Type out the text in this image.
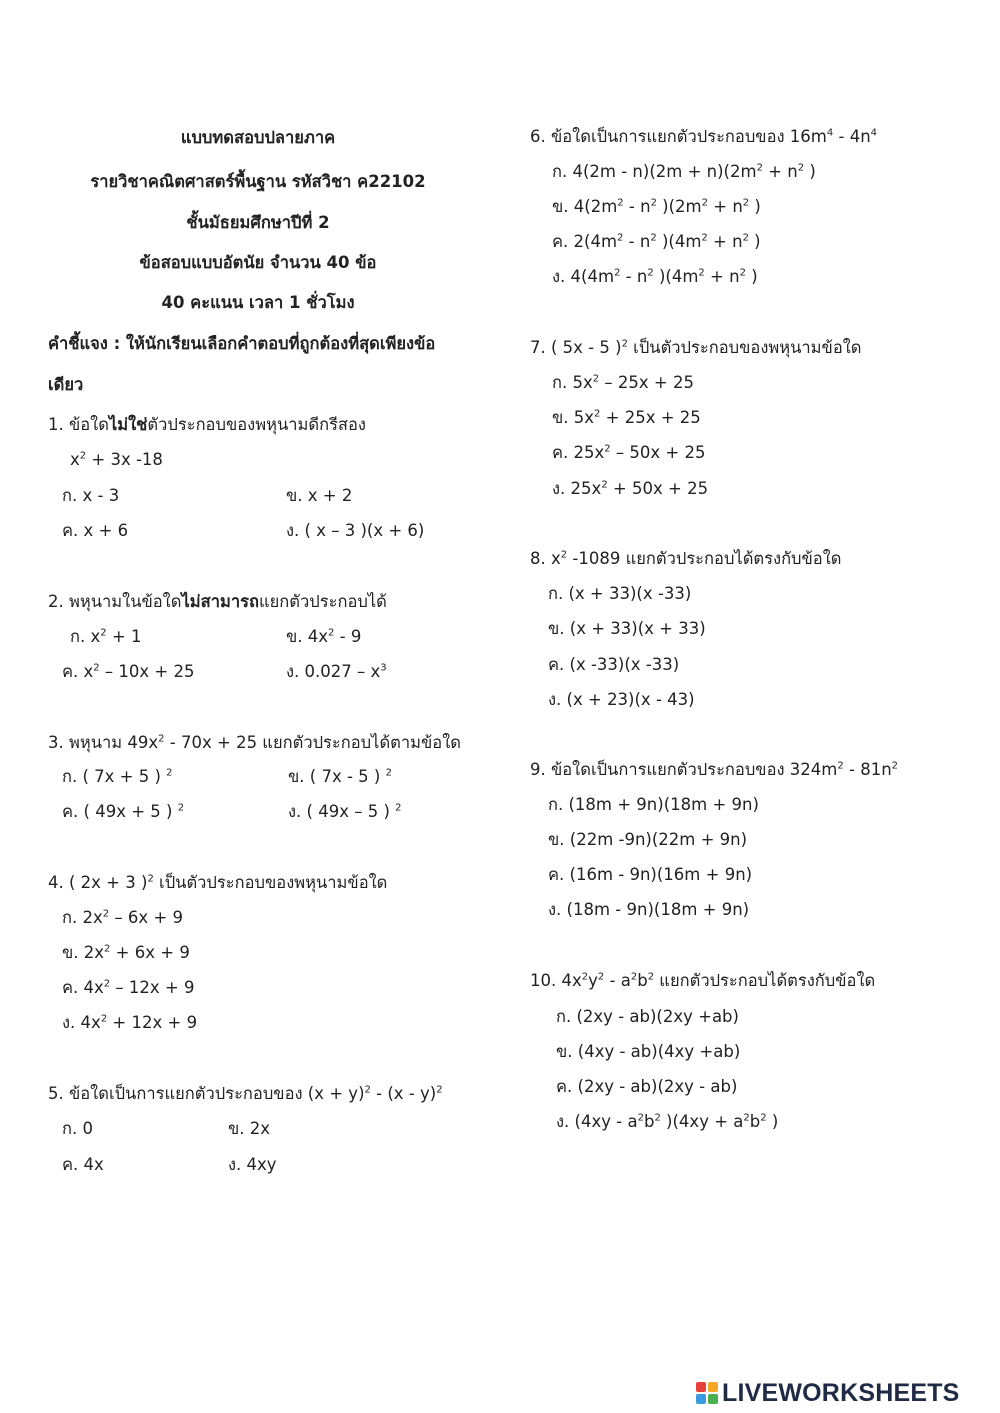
แบบทดสอบปลายภาค
รายวิชาคณิตศาสตร์พื้นฐาน รหัสวิชา ค22102
ชั้นมัธยมศึกษาปีที่ 2
ข้อสอบแบบอัตนัย จำนวน 40 ข้อ
40 คะแนน เวลา 1 ชั่วโมง
คำชี้แจง : ให้นักเรียนเลือกคำตอบที่ถูกต้องที่สุดเพียงข้อ
เดียว
1. ข้อใดไม่ใช่ตัวประกอบของพหุนามดีกรีสอง
$x^2 + 3x$ -18
ก. x - 3	ข. x + 2
ค. x + 6	ง. ( x – 3 )(x + 6)
2. พหุนามในข้อใดไม่สามารถแยกตัวประกอบได้
ก. $x^2 + 1$	ข. $4x^2 - 9$
ค. $x^2 - 10x + 25$	ง. $0.027 - x^3$
3. พหุนาม $49x^2 - 70x + 25$ แยกตัวประกอบได้ตามข้อใด
ก. ( 7x + 5 ) $^2$	ข. ( 7x - 5 ) $^2$
ค. ( 49x + 5 ) $^2$	ง. ( 49x – 5 ) $^2$
4. ( 2x + 3 )$^2$ เป็นตัวประกอบของพหุนามข้อใด
ก. $2x^2 - 6x + 9$
ข. $2x^2 + 6x + 9$
ค. $4x^2 - 12x + 9$
ง. $4x^2 + 12x + 9$
5. ข้อใดเป็นการแยกตัวประกอบของ $(x + y)^2 - (x - y)^2$
ก. 0	ข. 2x
ค. 4x	ง. 4xy
6. ข้อใดเป็นการแยกตัวประกอบของ $16m^4 - 4n^4$
ก. $4(2m - n)(2m + n)(2m^2 + n^2$ )
ข. $4(2m^2 - n^2$ )($2m^2 + n^2$ )
ค. $2(4m^2 - n^2$ )($4m^2 + n^2$ )
ง. $4(4m^2 - n^2$ )($4m^2 + n^2$ )
7. ( 5x - 5 )$^2$ เป็นตัวประกอบของพหุนามข้อใด
ก. $5x^2 - 25x + 25$
ข. $5x^2 + 25x + 25$
ค. $25x^2 - 50x + 25$
ง. $25x^2 + 50x + 25$
8. $x^2$ -1089 แยกตัวประกอบได้ตรงกับข้อใด
ก. (x + 33)(x -33)
ข. (x + 33)(x + 33)
ค. (x -33)(x -33)
ง. (x + 23)(x - 43)
9. ข้อใดเป็นการแยกตัวประกอบของ $324m^2 - 81n^2$
ก. (18m + 9n)(18m + 9n)
ข. (22m -9n)(22m + 9n)
ค. (16m - 9n)(16m + 9n)
ง. (18m - 9n)(18m + 9n)
10. $4x^2y^2 - a^2b^2$ แยกตัวประกอบได้ตรงกับข้อใด
ก. (2xy - ab)(2xy +ab)
ข. (4xy - ab)(4xy +ab)
ค. (2xy - ab)(2xy - ab)
ง. ($4xy - a^2b^2$ )($4xy + a^2b^2$ )
LIVEWORKSHEETS
